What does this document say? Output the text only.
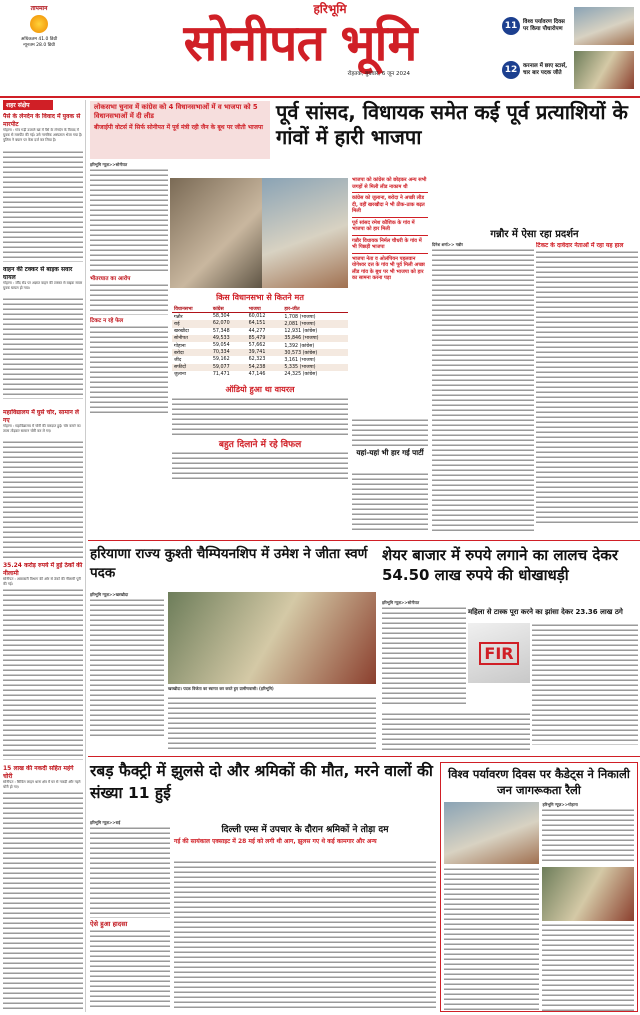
तापमान
अधिकतम 41.0 डिग्री
न्यूनतम 28.0 डिग्री
हरिभूमि
सोनीपत भूमि
रोहतक, बुधवार, 6 जून 2024
11	विश्व पर्यावरण दिवस पर किया पौधारोपण
12	करनाल में छाए स्टार्स, चार बार पदक जीते
शहर संक्षेप
पैसे के लेनदेन के विवाद में युवक से मारपीट
गोहाना : गांव गढ़ी उजाले खां में पैसे के लेनदेन के विवाद में युवक से मारपीट की गई। उसे नागरिक अस्पताल भेजा गया है। पुलिस ने बयान पर केस दर्ज कर लिया है।
वाहन की टक्कर से बाइक सवार घायल
गोहाना : जींद रोड पर अज्ञात वाहन की टक्कर से बाइक सवार युवक घायल हो गया।
महाविद्यालय में घुसे चोर, सामान ले गए
गोहाना : महाविद्यालय में चोरी की वारदात हुई। चोर कमरे का ताला तोड़कर सामान चोरी कर ले गए।
35.24 करोड़ रुपये में हुई ठेकों की नीलामी
सोनीपत : आबकारी विभाग की ओर से ठेकों की नीलामी पूरी की गई।
15 लाख की नकदी सहित महंगे चोरी
सोनीपत : सिविल लाइन थाना क्षेत्र में घर से नकदी और गहने चोरी हो गए।
लोकसभा चुनाव में कांग्रेस को 4 विधानसभाओं में व भाजपा को 5 विधानसभाओं में दी लीड
बीजाईपी वोटर्स में सिर्फ सोनीपत में पूर्व मंत्री रही जैन के बूथ पर जीती भाजपा
पूर्व सांसद, विधायक समेत कई पूर्व प्रत्याशियों के गांवों में हारी भाजपा
हरिभूमि न्यूज़>>सोनीपत
भीतरघात का आरोप
टिकट न रहे फेल
भाजपा को कांग्रेस को छोड़कर अन्य सभी जगहों से मिली लीड नाकाम थी
कांग्रेस को जुलाना, बरोदा ने अच्छी लीड दी, वहीं खरखौदा ने भी ठीक-ठाक बढ़त मिली
पूर्व सांसद रमेश कौशिक के गांव में भाजपा को हार मिली
गन्नौर विधायक निर्मल चौधरी के गांव में भी पिछड़ी भाजपा
भाजपा नेता व ओलंपियन पहलवान योगेश्वर दत्त के गांव भी पूर्व मिली अच्छा लीड गांव के बूथ पर भी भाजपा को हार का सामना करना पड़ा
गन्नौर में ऐसा रहा प्रदर्शन
किस विधानसभा से कितने मत
विधानसभा	कांग्रेस	भाजपा	हार-जीत
गन्नौर	58,304	60,012	1,708 (भाजपा)
राई	62,070	64,151	2,081 (भाजपा)
खरखौदा	57,348	44,277	12,931 (कांग्रेस)
सोनीपत	49,533	85,479	35,846 (भाजपा)
गोहाना	59,054	57,662	1,392 (कांग्रेस)
बरोदा	70,334	39,741	30,573 (कांग्रेस)
जींद	59,162	62,323	3,161 (भाजपा)
सफीदों	59,077	54,238	5,335 (भाजपा)
जुलाना	71,471	47,146	24,325 (कांग्रेस)
ऑडियो हुआ था वायरल
बहुत दिलाने में रहे विफल
यहां-यहां भी हार गई पार्टी
दिनेश शर्मा>> गन्नौर	टिकट के दावेदार नेताओं में रहा यह हाल
हरियाणा राज्य कुश्ती चैम्पियनशिप में उमेश ने जीता स्वर्ण पदक
हरिभूमि न्यूज़>>खरखौदा
खरखौदा। पदक विजेता का स्वागत कर करते हुए ग्रामीणवासी। (हरिभूमि)
शेयर बाजार में रुपये लगाने का लालच देकर 54.50 लाख रुपये की धोखाधड़ी
हरिभूमि न्यूज़>>सोनीपत
महिला से टास्क पूरा करने का झांसा देकर 23.36 लाख ठगे
FIR
रबड़ फैक्ट्री में झुलसे दो और श्रमिकों की मौत, मरने वालों की संख्या 11 हुई
हरिभूमि न्यूज़>>राई
ऐसे हुआ हादसा
दिल्ली एम्स में उपचार के दौरान श्रमिकों ने तोड़ा दम
गई की सायंकाल एक्साइट में 28 मई को लगी थी आग, झुलस गए थे कई कामगार और अन्य
विश्व पर्यावरण दिवस पर कैडेट्स ने निकाली जन जागरूकता रैली
हरिभूमि न्यूज़>>गोहाना
